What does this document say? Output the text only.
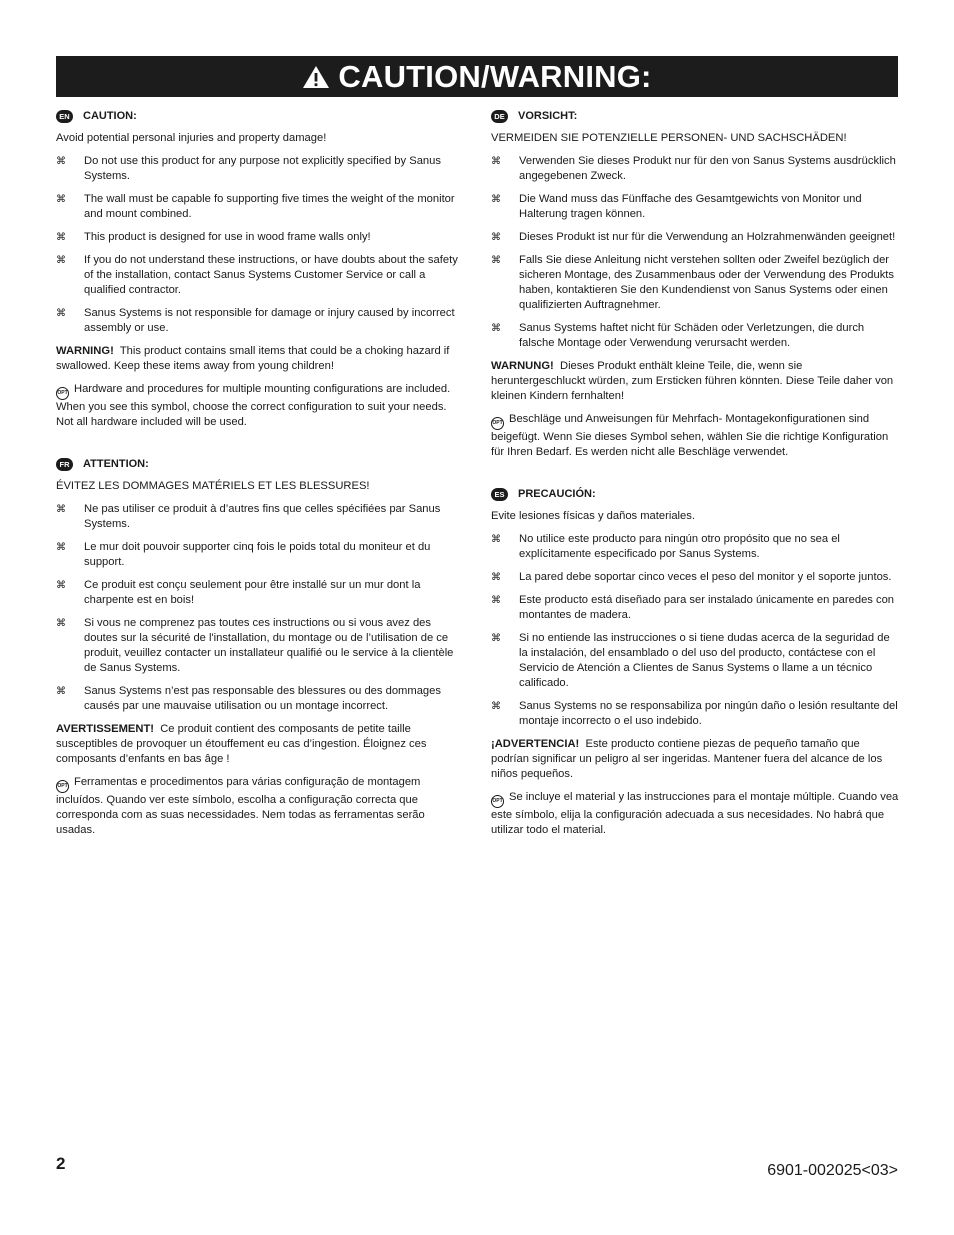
CAUTION/WARNING:
EN CAUTION:

Avoid potential personal injuries and property damage!

⌘ Do not use this product for any purpose not explicitly specified by Sanus Systems.
⌘ The wall must be capable fo supporting five times the weight of the monitor and mount combined.
⌘ This product is designed for use in wood frame walls only!
⌘ If you do not understand these instructions, or have doubts about the safety of the installation, contact Sanus Systems Customer Service or call a qualified contractor.
⌘ Sanus Systems is not responsible for damage or injury caused by incorrect assembly or use.

WARNING! This product contains small items that could be a choking hazard if swallowed. Keep these items away from young children!

OPT Hardware and procedures for multiple mounting configurations are included. When you see this symbol, choose the correct configuration to suit your needs. Not all hardware included will be used.

FR	ATTENTION:

ÉVITEZ LES DOMMAGES MATÉRIELS ET LES BLESSURES!

⌘ Ne pas utiliser ce produit à d’autres fins que celles spécifiées par Sanus Systems.
⌘ Le mur doit pouvoir supporter cinq fois le poids total du moniteur et du support.
⌘ Ce produit est conçu seulement pour être installé sur un mur dont la charpente est en bois!
⌘ Si vous ne comprenez pas toutes ces instructions ou si vous avez des doutes sur la sécurité de l'installation, du montage ou de l’utilisation de ce produit, veuillez contacter un installateur qualifié ou le service à la clientèle de Sanus Systems.
⌘ Sanus Systems n’est pas responsable des blessures ou des dommages causés par une mauvaise utilisation ou un montage incorrect.

AVERTISSEMENT! Ce produit contient des composants de petite taille susceptibles de provoquer un étouffement eu cas d’ingestion. Éloignez ces composants d’enfants en bas âge !

OPT Ferramentas e procedimentos para várias configuração de montagem incluídos. Quando ver este símbolo, escolha a configuração correcta que corresponda com as suas necessidades. Nem todas as ferramentas serão usadas.

DE VORSICHT:

VERMEIDEN SIE POTENZIELLE PERSONEN- UND SACHSCHÄDEN!

⌘ Verwenden Sie dieses Produkt nur für den von Sanus Systems ausdrücklich angegebenen Zweck.
⌘ Die Wand muss das Fünffache des Gesamtgewichts von Monitor und Halterung tragen können.
⌘ Dieses Produkt ist nur für die Verwendung an Holzrahmenwänden geeignet!
⌘ Falls Sie diese Anleitung nicht verstehen sollten oder Zweifel bezüglich der sicheren Montage, des Zusammenbaus oder der Verwendung des Produkts haben, kontaktieren Sie den Kundendienst von Sanus Systems oder einen qualifizierten Auftragnehmer.
⌘ Sanus Systems haftet nicht für Schäden oder Verletzungen, die durch falsche Montage oder Verwendung verursacht werden.

WARNUNG! Dieses Produkt enthält kleine Teile, die, wenn sie heruntergeschluckt würden, zum Ersticken führen könnten. Diese Teile daher von kleinen Kindern fernhalten!

OPT Beschläge und Anweisungen für Mehrfach- Montagekonfigurationen sind beigefügt. Wenn Sie dieses Symbol sehen, wählen Sie die richtige Konfiguration für Ihren Bedarf. Es werden nicht alle Beschläge verwendet.

ES	PRECAUCIÓN:

Evite lesiones físicas y daños materiales.

⌘ No utilice este producto para ningún otro propósito que no sea el explícitamente especificado por Sanus Systems.
⌘ La pared debe soportar cinco veces el peso del monitor y el soporte juntos.
⌘ Este producto está diseñado para ser instalado únicamente en paredes con montantes de madera.
⌘ Si no entiende las instrucciones o si tiene dudas acerca de la seguridad de la instalación, del ensamblado o del uso del producto, contáctese con el Servicio de Atención a Clientes de Sanus Systems o llame a un técnico calificado.
⌘ Sanus Systems no se responsabiliza por ningún daño o lesión resultante del montaje incorrecto o el uso indebido.

¡ADVERTENCIA! Este producto contiene piezas de pequeño tamaño que podrían significar un peligro al ser ingeridas. Mantener fuera del alcance de los niños pequeños.

OPT Se incluye el material y las instrucciones para el montaje múltiple. Cuando vea este símbolo, elija la configuración adecuada a sus necesidades. No habrá que utilizar todo el material.

2	6901-002025<03>
